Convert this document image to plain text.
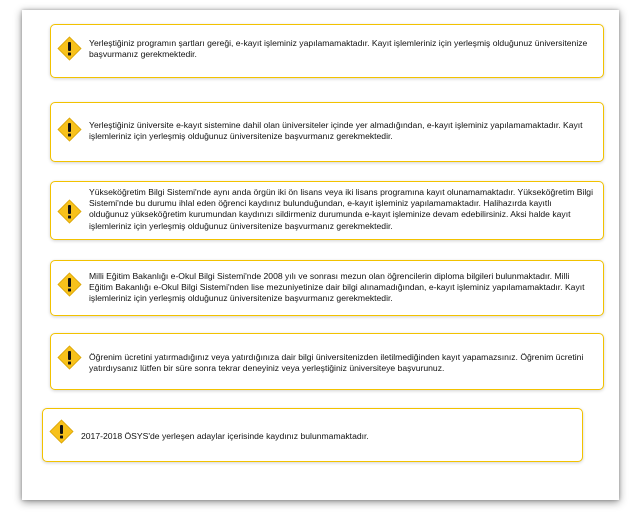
Yerleştiğiniz programın şartları gereği, e-kayıt işleminiz yapılamamaktadır. Kayıt işlemleriniz için yerleşmiş olduğunuz üniversitenize başvurmanız gerekmektedir.
Yerleştiğiniz üniversite e-kayıt sistemine dahil olan üniversiteler içinde yer almadığından, e-kayıt işleminiz yapılamamaktadır. Kayıt işlemleriniz için yerleşmiş olduğunuz üniversitenize başvurmanız gerekmektedir.
Yükseköğretim Bilgi Sistemi'nde aynı anda örgün iki ön lisans veya iki lisans programına kayıt olunamamaktadır. Yükseköğretim Bilgi Sistemi'nde bu durumu ihlal eden öğrenci kaydınız bulunduğundan, e-kayıt işleminiz yapılamamaktadır. Halihazırda kayıtlı olduğunuz yükseköğretim kurumundan kaydınızı sildirmeniz durumunda e-kayıt işleminize devam edebilirsiniz. Aksi halde kayıt işlemleriniz için yerleşmiş olduğunuz üniversitenize başvurmanız gerekmektedir.
Milli Eğitim Bakanlığı e-Okul Bilgi Sistemi'nde 2008 yılı ve sonrası mezun olan öğrencilerin diploma bilgileri bulunmaktadır. Milli Eğitim Bakanlığı e-Okul Bilgi Sistemi'nden lise mezuniyetinize dair bilgi alınamadığından, e-kayıt işleminiz yapılamamaktadır. Kayıt işlemleriniz için yerleşmiş olduğunuz üniversitenize başvurmanız gerekmektedir.
Öğrenim ücretini yatırmadığınız veya yatırdığınıza dair bilgi üniversitenizden iletilmediğinden kayıt yapamazsınız. Öğrenim ücretini yatırdıysanız lütfen bir süre sonra tekrar deneyiniz veya yerleştiğiniz üniversiteye başvurunuz.
2017-2018 ÖSYS'de yerleşen adaylar içerisinde kaydınız bulunmamaktadır.
